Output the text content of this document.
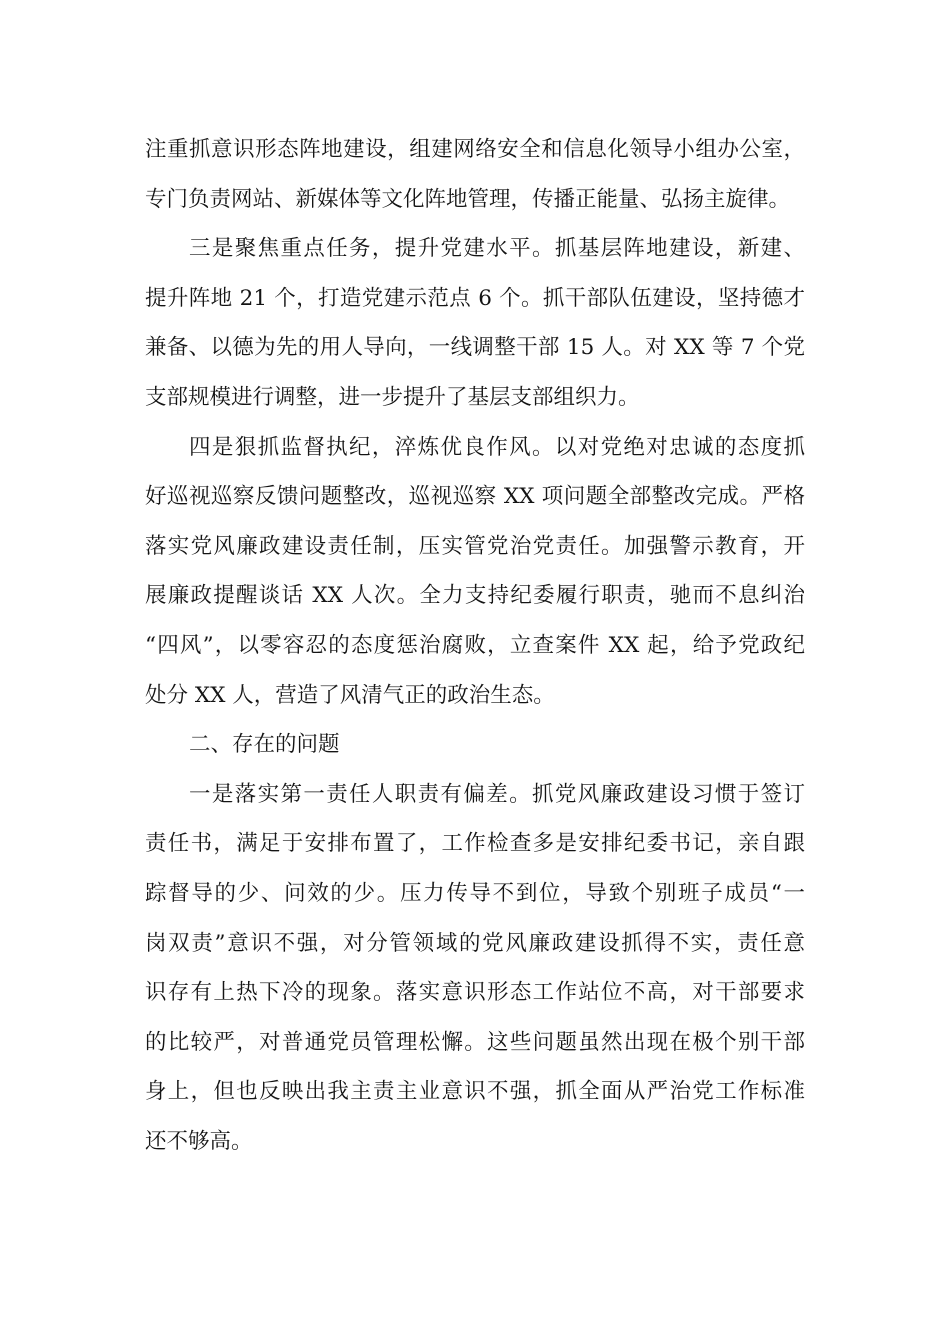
注重抓意识形态阵地建设，组建网络安全和信息化领导小组办公室，
专门负责网站、新媒体等文化阵地管理，传播正能量、弘扬主旋律。
三是聚焦重点任务，提升党建水平。抓基层阵地建设，新建、
提升阵地 21 个，打造党建示范点 6 个。抓干部队伍建设，坚持德才
兼备、以德为先的用人导向，一线调整干部 15 人。对 XX 等 7 个党
支部规模进行调整，进一步提升了基层支部组织力。
四是狠抓监督执纪，淬炼优良作风。以对党绝对忠诚的态度抓
好巡视巡察反馈问题整改，巡视巡察 XX 项问题全部整改完成。严格
落实党风廉政建设责任制，压实管党治党责任。加强警示教育，开
展廉政提醒谈话 XX 人次。全力支持纪委履行职责，驰而不息纠治
“四风”，以零容忍的态度惩治腐败，立查案件 XX 起，给予党政纪
处分 XX 人，营造了风清气正的政治生态。
二、存在的问题
一是落实第一责任人职责有偏差。抓党风廉政建设习惯于签订
责任书，满足于安排布置了，工作检查多是安排纪委书记，亲自跟
踪督导的少、问效的少。压力传导不到位，导致个别班子成员“一
岗双责”意识不强，对分管领域的党风廉政建设抓得不实，责任意
识存有上热下冷的现象。落实意识形态工作站位不高，对干部要求
的比较严，对普通党员管理松懈。这些问题虽然出现在极个别干部
身上，但也反映出我主责主业意识不强，抓全面从严治党工作标准
还不够高。
